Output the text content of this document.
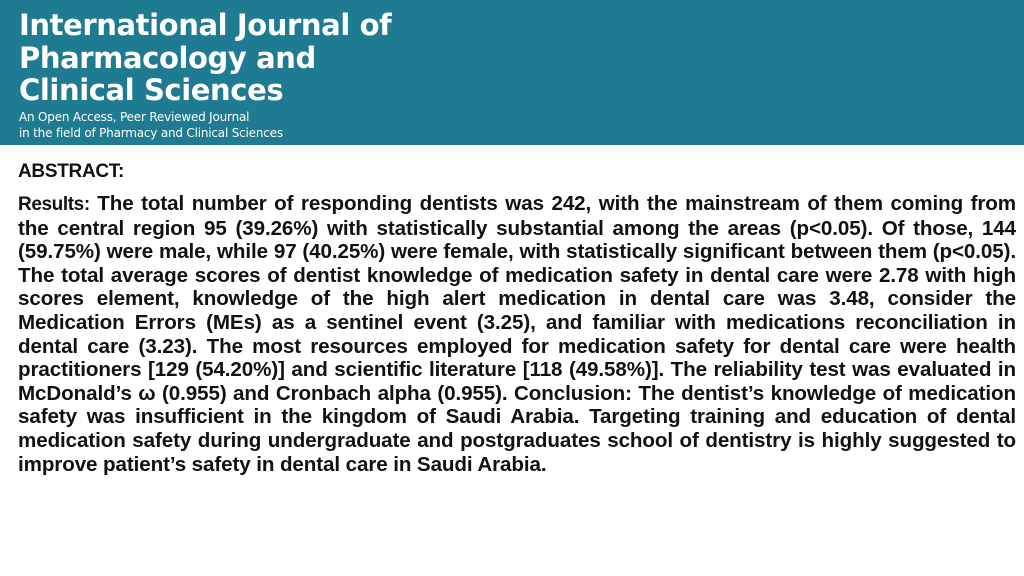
International Journal of
Pharmacology and
Clinical Sciences
An Open Access, Peer Reviewed Journal
in the field of Pharmacy and Clinical Sciences
ABSTRACT:

Results: The total number of responding dentists was 242, with the mainstream of them coming from the central region 95 (39.26%) with statistically substantial among the areas (p<0.05). Of those, 144 (59.75%) were male, while 97 (40.25%) were female, with statistically significant between them (p<0.05). The total average scores of dentist knowledge of medication safety in dental care were 2.78 with high scores element, knowledge of the high alert medication in dental care was 3.48, consider the Medication Errors (MEs) as a sentinel event (3.25), and familiar with medications reconciliation in dental care (3.23). The most resources employed for medication safety for dental care were health practitioners [129 (54.20%)] and scientific literature [118 (49.58%)]. The reliability test was evaluated in McDonald’s ω (0.955) and Cronbach alpha (0.955). Conclusion: The dentist’s knowledge of medication safety was insufficient in the kingdom of Saudi Arabia. Targeting training and education of dental medication safety during undergraduate and postgraduates school of dentistry is highly suggested to improve patient’s safety in dental care in Saudi Arabia.
